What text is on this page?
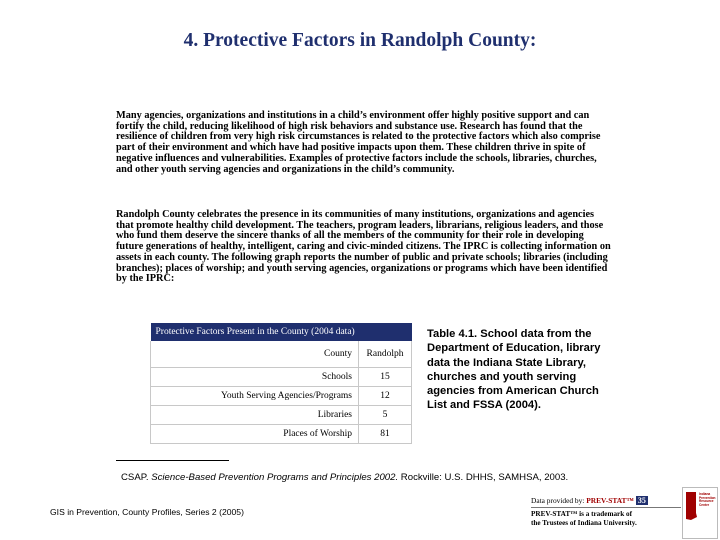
4. Protective Factors in Randolph County:

Many agencies, organizations and institutions in a child’s environment offer highly positive support and can fortify the child, reducing likelihood of high risk behaviors and substance use. Research has found that the resilience of children from very high risk circumstances is related to the protective factors which also comprise part of their environment and which have had positive impacts upon them. These children thrive in spite of negative influences and vulnerabilities. Examples of protective factors include the schools, libraries, churches, and other youth serving agencies and organizations in the child’s community.

Randolph County celebrates the presence in its communities of many institutions, organizations and agencies that promote healthy child development. The teachers, program leaders, librarians, religious leaders, and those who fund them deserve the sincere thanks of all the members of the community for their role in developing future generations of healthy, intelligent, caring and civic-minded citizens. The IPRC is collecting information on assets in each county. The following graph reports the number of public and private schools; libraries (including branches); places of worship; and youth serving agencies, organizations or programs which have been identified by the IPRC:

Protective Factors Present in the County (2004 data)	
County	Randolph
Schools	15
Youth Serving Agencies/Programs	12
Libraries	5
Places of Worship	81

Table 4.1. School data from the Department of Education, library data the Indiana State Library, churches and youth serving agencies from American Church List and FSSA (2004).

CSAP. Science-Based Prevention Programs and Principles 2002. Rockville: U.S. DHHS, SAMHSA, 2003.
GIS in Prevention, County Profiles, Series 2 (2005)
Data provided by: PREV-STAT™ 35
PREV-STAT™ is a trademark of
the Trustees of Indiana University.
Indiana Prevention Resource Center
